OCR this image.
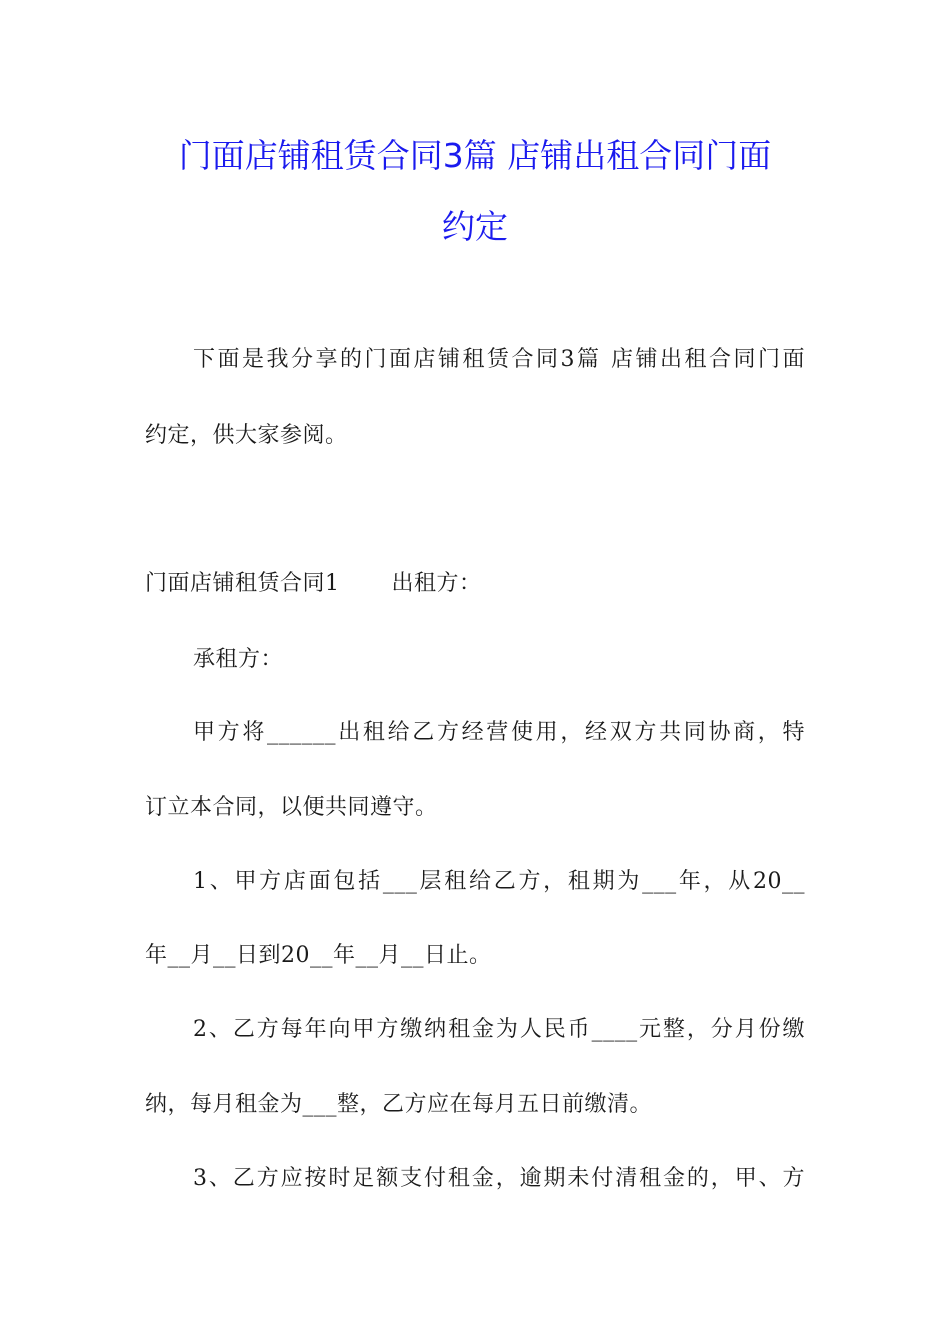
门面店铺租赁合同3篇 店铺出租合同门面
约定

下面是我分享的门面店铺租赁合同3篇 店铺出租合同门面

约定，供大家参阅。

门面店铺租赁合同1 出租方：

承租方：

甲方将______出租给乙方经营使用，经双方共同协商，特

订立本合同，以便共同遵守。

1、甲方店面包括___层租给乙方，租期为___年，从20__

年__月__日到20__年__月__日止。

2、乙方每年向甲方缴纳租金为人民币____元整，分月份缴

纳，每月租金为___整，乙方应在每月五日前缴清。

3、乙方应按时足额支付租金，逾期未付清租金的，甲、方
